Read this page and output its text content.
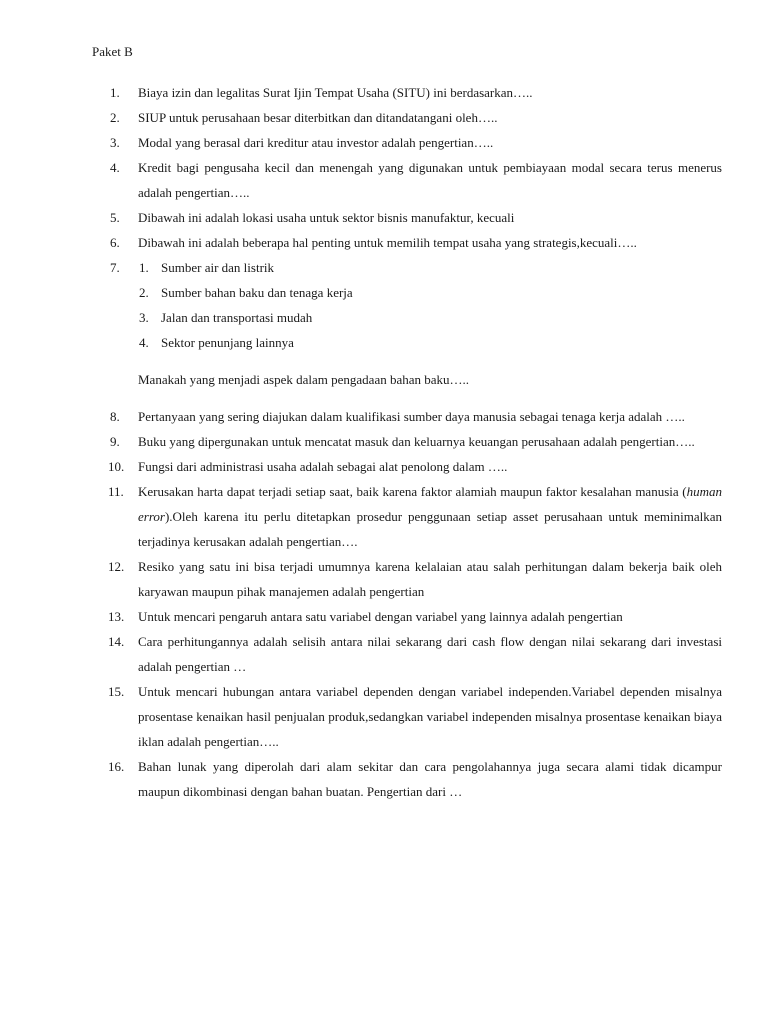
Paket B
1. Biaya izin dan legalitas Surat Ijin Tempat Usaha (SITU) ini berdasarkan…..
2. SIUP untuk perusahaan besar diterbitkan dan ditandatangani oleh…..
3. Modal yang berasal dari kreditur atau investor adalah pengertian…..
4. Kredit bagi pengusaha kecil dan menengah yang digunakan untuk pembiayaan modal secara terus menerus adalah pengertian…..
5. Dibawah ini adalah lokasi usaha untuk sektor bisnis manufaktur, kecuali
6. Dibawah ini adalah beberapa hal penting untuk memilih tempat usaha yang strategis,kecuali…..
7. 1. Sumber air dan listrik
2. Sumber bahan baku dan tenaga kerja
3. Jalan dan transportasi mudah
4. Sektor penunjang lainnya
Manakah yang menjadi aspek dalam pengadaan bahan baku…..
8. Pertanyaan yang sering diajukan dalam kualifikasi sumber daya manusia sebagai tenaga kerja adalah …..
9. Buku yang dipergunakan untuk mencatat masuk dan keluarnya keuangan perusahaan adalah pengertian…..
10. Fungsi dari administrasi usaha adalah sebagai alat penolong dalam …..
11. Kerusakan harta dapat terjadi setiap saat, baik karena faktor alamiah maupun faktor kesalahan manusia (human error).Oleh karena itu perlu ditetapkan prosedur penggunaan setiap asset perusahaan untuk meminimalkan terjadinya kerusakan adalah pengertian….
12. Resiko yang satu ini bisa terjadi umumnya karena kelalaian atau salah perhitungan dalam bekerja baik oleh karyawan maupun pihak manajemen adalah pengertian
13. Untuk mencari pengaruh antara satu variabel dengan variabel yang lainnya adalah pengertian
14. Cara perhitungannya adalah selisih antara nilai sekarang dari cash flow dengan nilai sekarang dari investasi adalah pengertian …
15. Untuk mencari hubungan antara variabel dependen dengan variabel independen.Variabel dependen misalnya prosentase kenaikan hasil penjualan produk,sedangkan variabel independen misalnya prosentase kenaikan biaya iklan adalah pengertian…..
16. Bahan lunak yang diperolah dari alam sekitar dan cara pengolahannya juga secara alami tidak dicampur maupun dikombinasi dengan bahan buatan. Pengertian dari …
